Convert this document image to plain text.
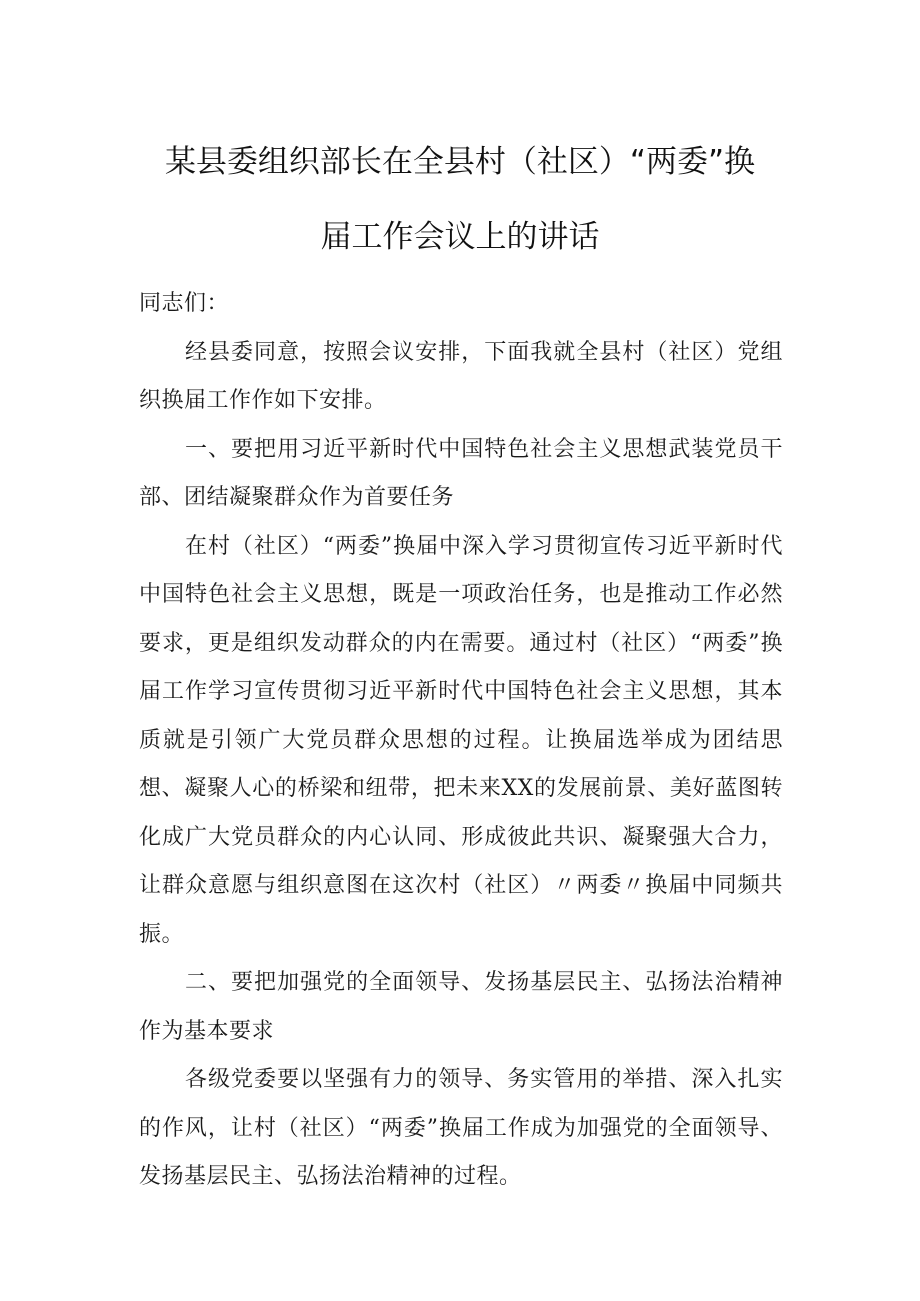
某县委组织部长在全县村（社区）“两委”换
届工作会议上的讲话

同志们：

经县委同意，按照会议安排，下面我就全县村（社区）党组织换届工作作如下安排。

一、要把用习近平新时代中国特色社会主义思想武装党员干部、团结凝聚群众作为首要任务

在村（社区）“两委”换届中深入学习贯彻宣传习近平新时代中国特色社会主义思想，既是一项政治任务，也是推动工作必然要求，更是组织发动群众的内在需要。通过村（社区）“两委”换届工作学习宣传贯彻习近平新时代中国特色社会主义思想，其本质就是引领广大党员群众思想的过程。让换届选举成为团结思想、凝聚人心的桥梁和纽带，把未来XX的发展前景、美好蓝图转化成广大党员群众的内心认同、形成彼此共识、凝聚强大合力，让群众意愿与组织意图在这次村（社区）〃两委〃换届中同频共振。

二、要把加强党的全面领导、发扬基层民主、弘扬法治精神作为基本要求

各级党委要以坚强有力的领导、务实管用的举措、深入扎实的作风，让村（社区）“两委”换届工作成为加强党的全面领导、发扬基层民主、弘扬法治精神的过程。
